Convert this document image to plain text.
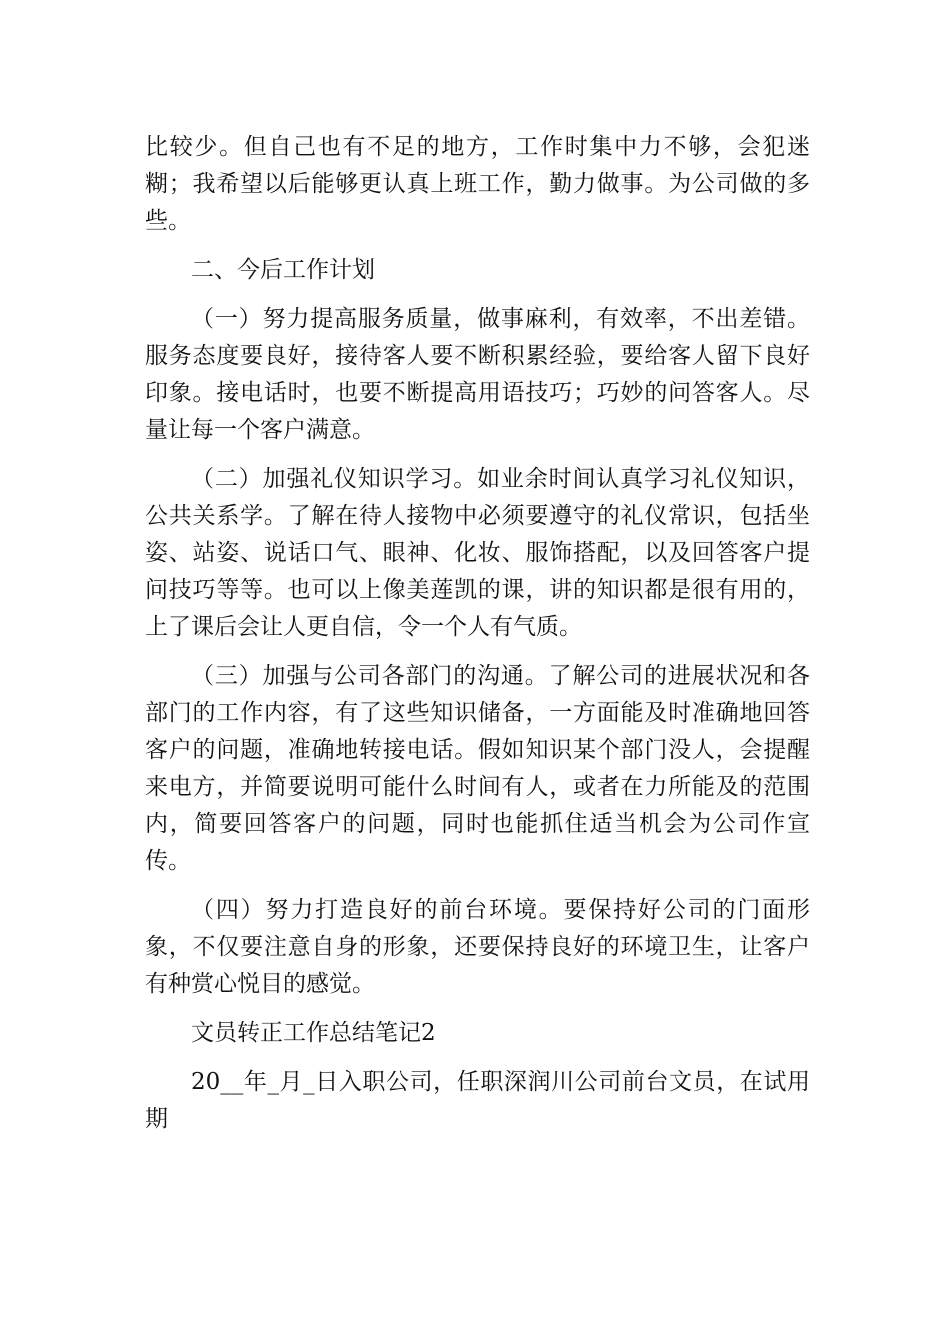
比较少。但自己也有不足的地方，工作时集中力不够，会犯迷糊；我希望以后能够更认真上班工作，勤力做事。为公司做的多些。

二、今后工作计划

（一）努力提高服务质量，做事麻利，有效率，不出差错。服务态度要良好，接待客人要不断积累经验，要给客人留下良好印象。接电话时，也要不断提高用语技巧；巧妙的问答客人。尽量让每一个客户满意。

（二）加强礼仪知识学习。如业余时间认真学习礼仪知识，公共关系学。了解在待人接物中必须要遵守的礼仪常识，包括坐姿、站姿、说话口气、眼神、化妆、服饰搭配，以及回答客户提问技巧等等。也可以上像美莲凯的课，讲的知识都是很有用的，上了课后会让人更自信，令一个人有气质。

（三）加强与公司各部门的沟通。了解公司的进展状况和各部门的工作内容，有了这些知识储备，一方面能及时准确地回答客户的问题，准确地转接电话。假如知识某个部门没人，会提醒来电方，并简要说明可能什么时间有人，或者在力所能及的范围内，简要回答客户的问题，同时也能抓住适当机会为公司作宣传。

（四）努力打造良好的前台环境。要保持好公司的门面形象，不仅要注意自身的形象，还要保持良好的环境卫生，让客户有种赏心悦目的感觉。

文员转正工作总结笔记2

20__年_月_日入职公司，任职深润川公司前台文员，在试用期
